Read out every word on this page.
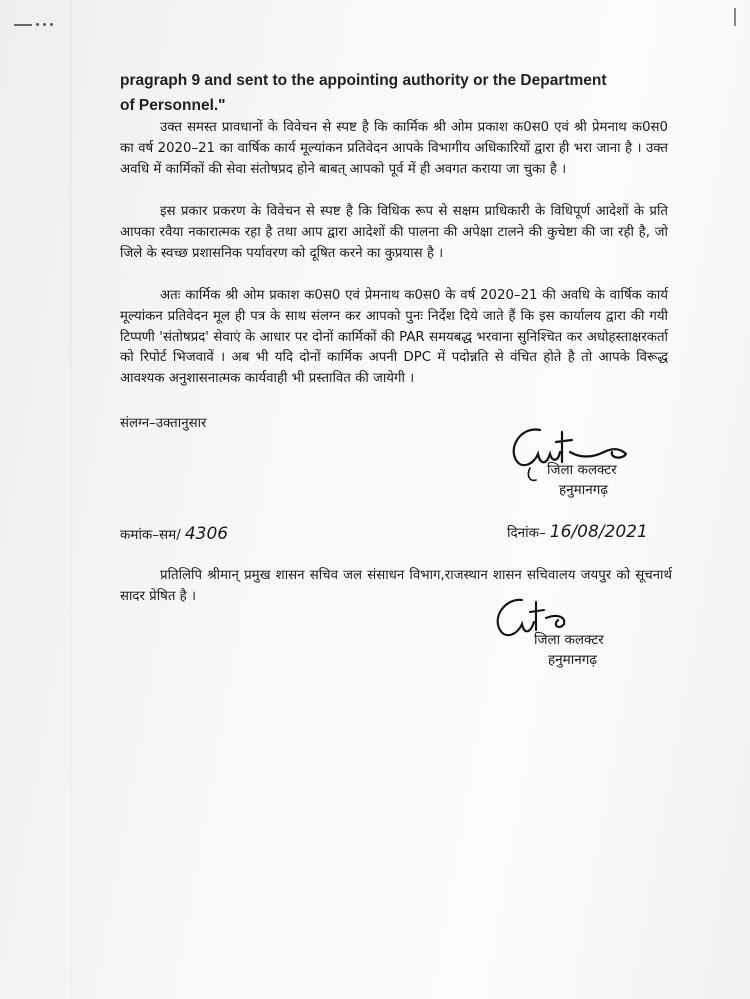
pragraph 9 and sent to the appointing authority or the Department
of Personnel."

उक्त समस्त प्रावधानों के विवेचन से स्पष्ट है कि कार्मिक श्री ओम प्रकाश क0स0 एवं श्री प्रेमनाथ क0स0 का वर्ष 2020–21 का वार्षिक कार्य मूल्यांकन प्रतिवेदन आपके विभागीय अधिकारियों द्वारा ही भरा जाना है । उक्त अवधि में कार्मिकों की सेवा संतोषप्रद होने बाबत् आपको पूर्व में ही अवगत कराया जा चुका है ।

इस प्रकार प्रकरण के विवेचन से स्पष्ट है कि विधिक रूप से सक्षम प्राधिकारी के विधिपूर्ण आदेशों के प्रति आपका रवैया नकारात्मक रहा है तथा आप द्वारा आदेशों की पालना की अपेक्षा टालने की कुचेष्टा की जा रही है, जो जिले के स्वच्छ प्रशासनिक पर्यावरण को दूषित करने का कुप्रयास है ।

अतः कार्मिक श्री ओम प्रकाश क0स0 एवं प्रेमनाथ क0स0 के वर्ष 2020–21 की अवधि के वार्षिक कार्य मूल्यांकन प्रतिवेदन मूल ही पत्र के साथ संलग्न कर आपको पुनः निर्देश दिये जाते हैं कि इस कार्यालय द्वारा की गयी टिप्पणी 'संतोषप्रद' सेवाएं के आधार पर दोनों कार्मिकों की PAR समयबद्ध भरवाना सुनिश्चित कर अधोहस्ताक्षरकर्ता को रिपोर्ट भिजवावें । अब भी यदि दोनों कार्मिक अपनी DPC में पदोन्नति से वंचित होते है तो आपके विरूद्ध आवश्यक अनुशासनात्मक कार्यवाही भी प्रस्तावित की जायेगी ।

संलग्न–उक्तानुसार

जिला कलक्टर
हनुमानगढ़
कमांक–सम/ 4306	दिनांक– 16/08/2021

प्रतिलिपि श्रीमान् प्रमुख शासन सचिव जल संसाधन विभाग,राजस्थान शासन सचिवालय जयपुर को सूचनार्थ सादर प्रेषित है ।

जिला कलक्टर
हनुमानगढ़
